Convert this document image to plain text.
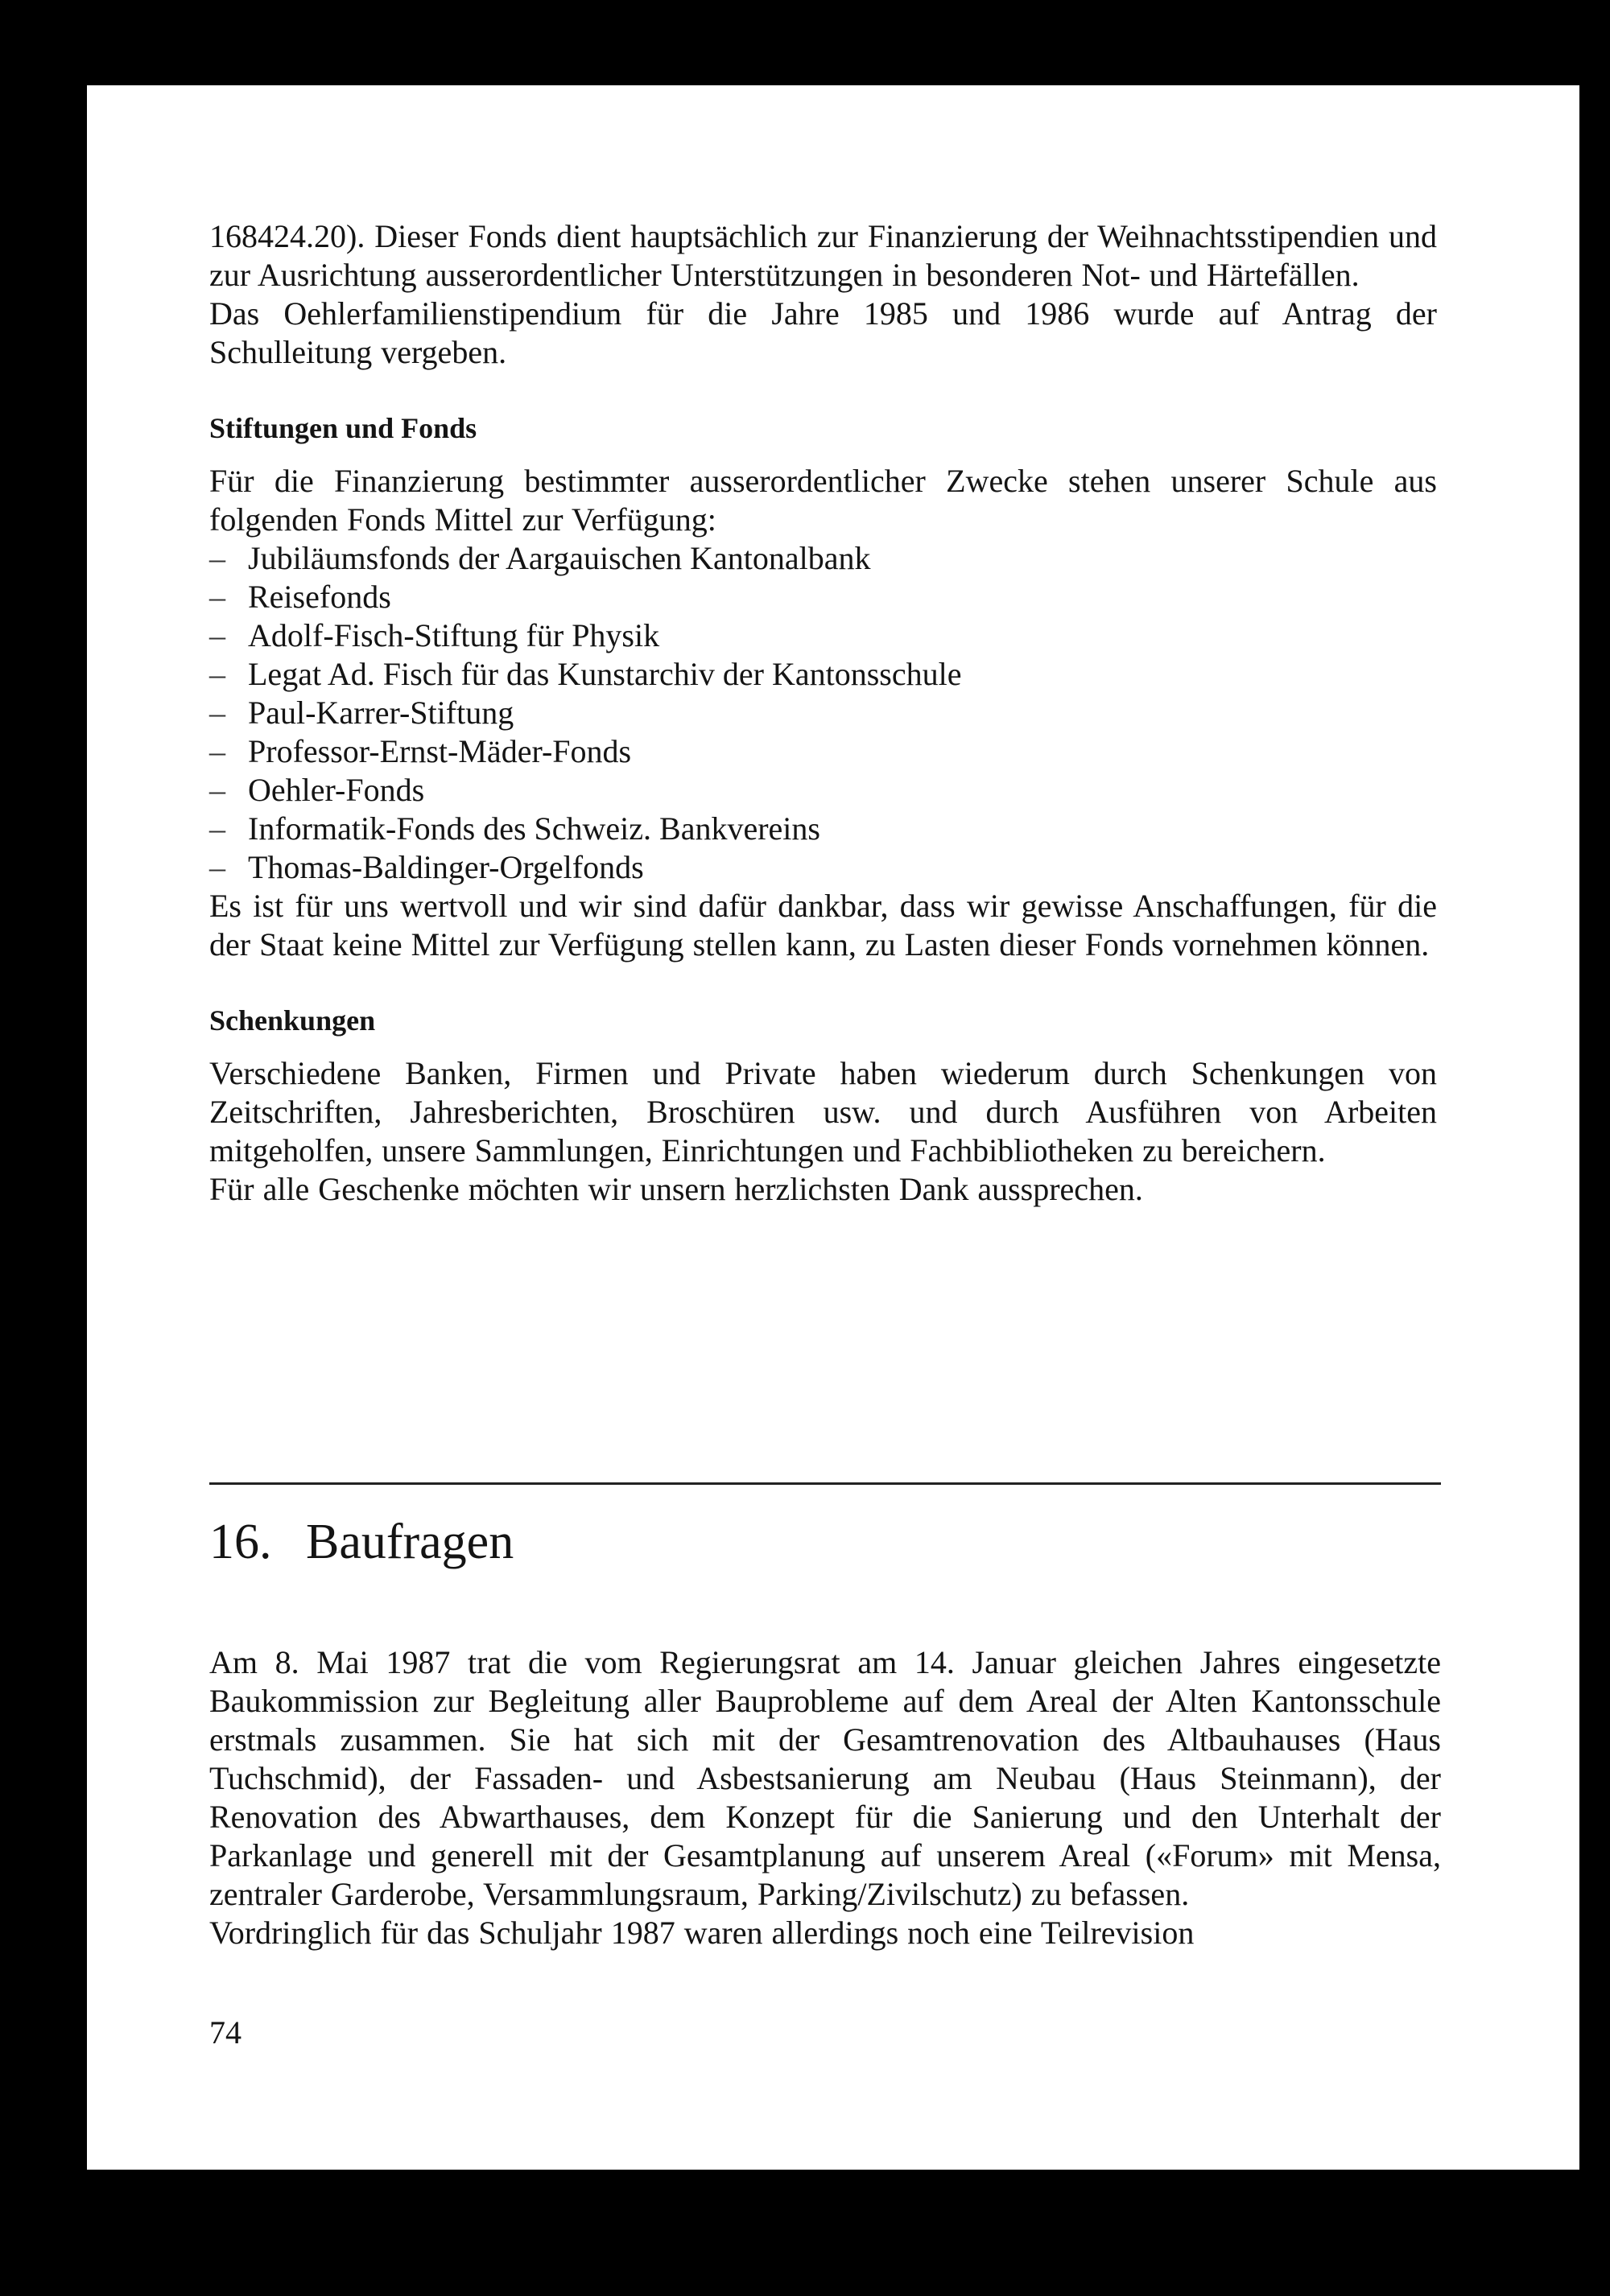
168424.20). Dieser Fonds dient hauptsächlich zur Finanzierung der Weihnachtsstipendien und zur Ausrichtung ausserordentlicher Unterstützungen in besonderen Not- und Härtefällen.

Das Oehlerfamilienstipendium für die Jahre 1985 und 1986 wurde auf Antrag der Schulleitung vergeben.

Stiftungen und Fonds

Für die Finanzierung bestimmter ausserordentlicher Zwecke stehen unserer Schule aus folgenden Fonds Mittel zur Verfügung:

– Jubiläumsfonds der Aargauischen Kantonalbank
– Reisefonds
– Adolf-Fisch-Stiftung für Physik
– Legat Ad. Fisch für das Kunstarchiv der Kantonsschule
– Paul-Karrer-Stiftung
– Professor-Ernst-Mäder-Fonds
– Oehler-Fonds
– Informatik-Fonds des Schweiz. Bankvereins
– Thomas-Baldinger-Orgelfonds

Es ist für uns wertvoll und wir sind dafür dankbar, dass wir gewisse Anschaffungen, für die der Staat keine Mittel zur Verfügung stellen kann, zu Lasten dieser Fonds vornehmen können.

Schenkungen

Verschiedene Banken, Firmen und Private haben wiederum durch Schenkungen von Zeitschriften, Jahresberichten, Broschüren usw. und durch Ausführen von Arbeiten mitgeholfen, unsere Sammlungen, Einrichtungen und Fachbibliotheken zu bereichern.

Für alle Geschenke möchten wir unsern herzlichsten Dank aussprechen.

16. Baufragen

Am 8. Mai 1987 trat die vom Regierungsrat am 14. Januar gleichen Jahres eingesetzte Baukommission zur Begleitung aller Bauprobleme auf dem Areal der Alten Kantonsschule erstmals zusammen. Sie hat sich mit der Gesamtrenovation des Altbauhauses (Haus Tuchschmid), der Fassaden- und Asbestsanierung am Neubau (Haus Steinmann), der Renovation des Abwarthauses, dem Konzept für die Sanierung und den Unterhalt der Parkanlage und generell mit der Gesamtplanung auf unserem Areal («Forum» mit Mensa, zentraler Garderobe, Versammlungsraum, Parking/Zivilschutz) zu befassen.

Vordringlich für das Schuljahr 1987 waren allerdings noch eine Teilrevision

74
